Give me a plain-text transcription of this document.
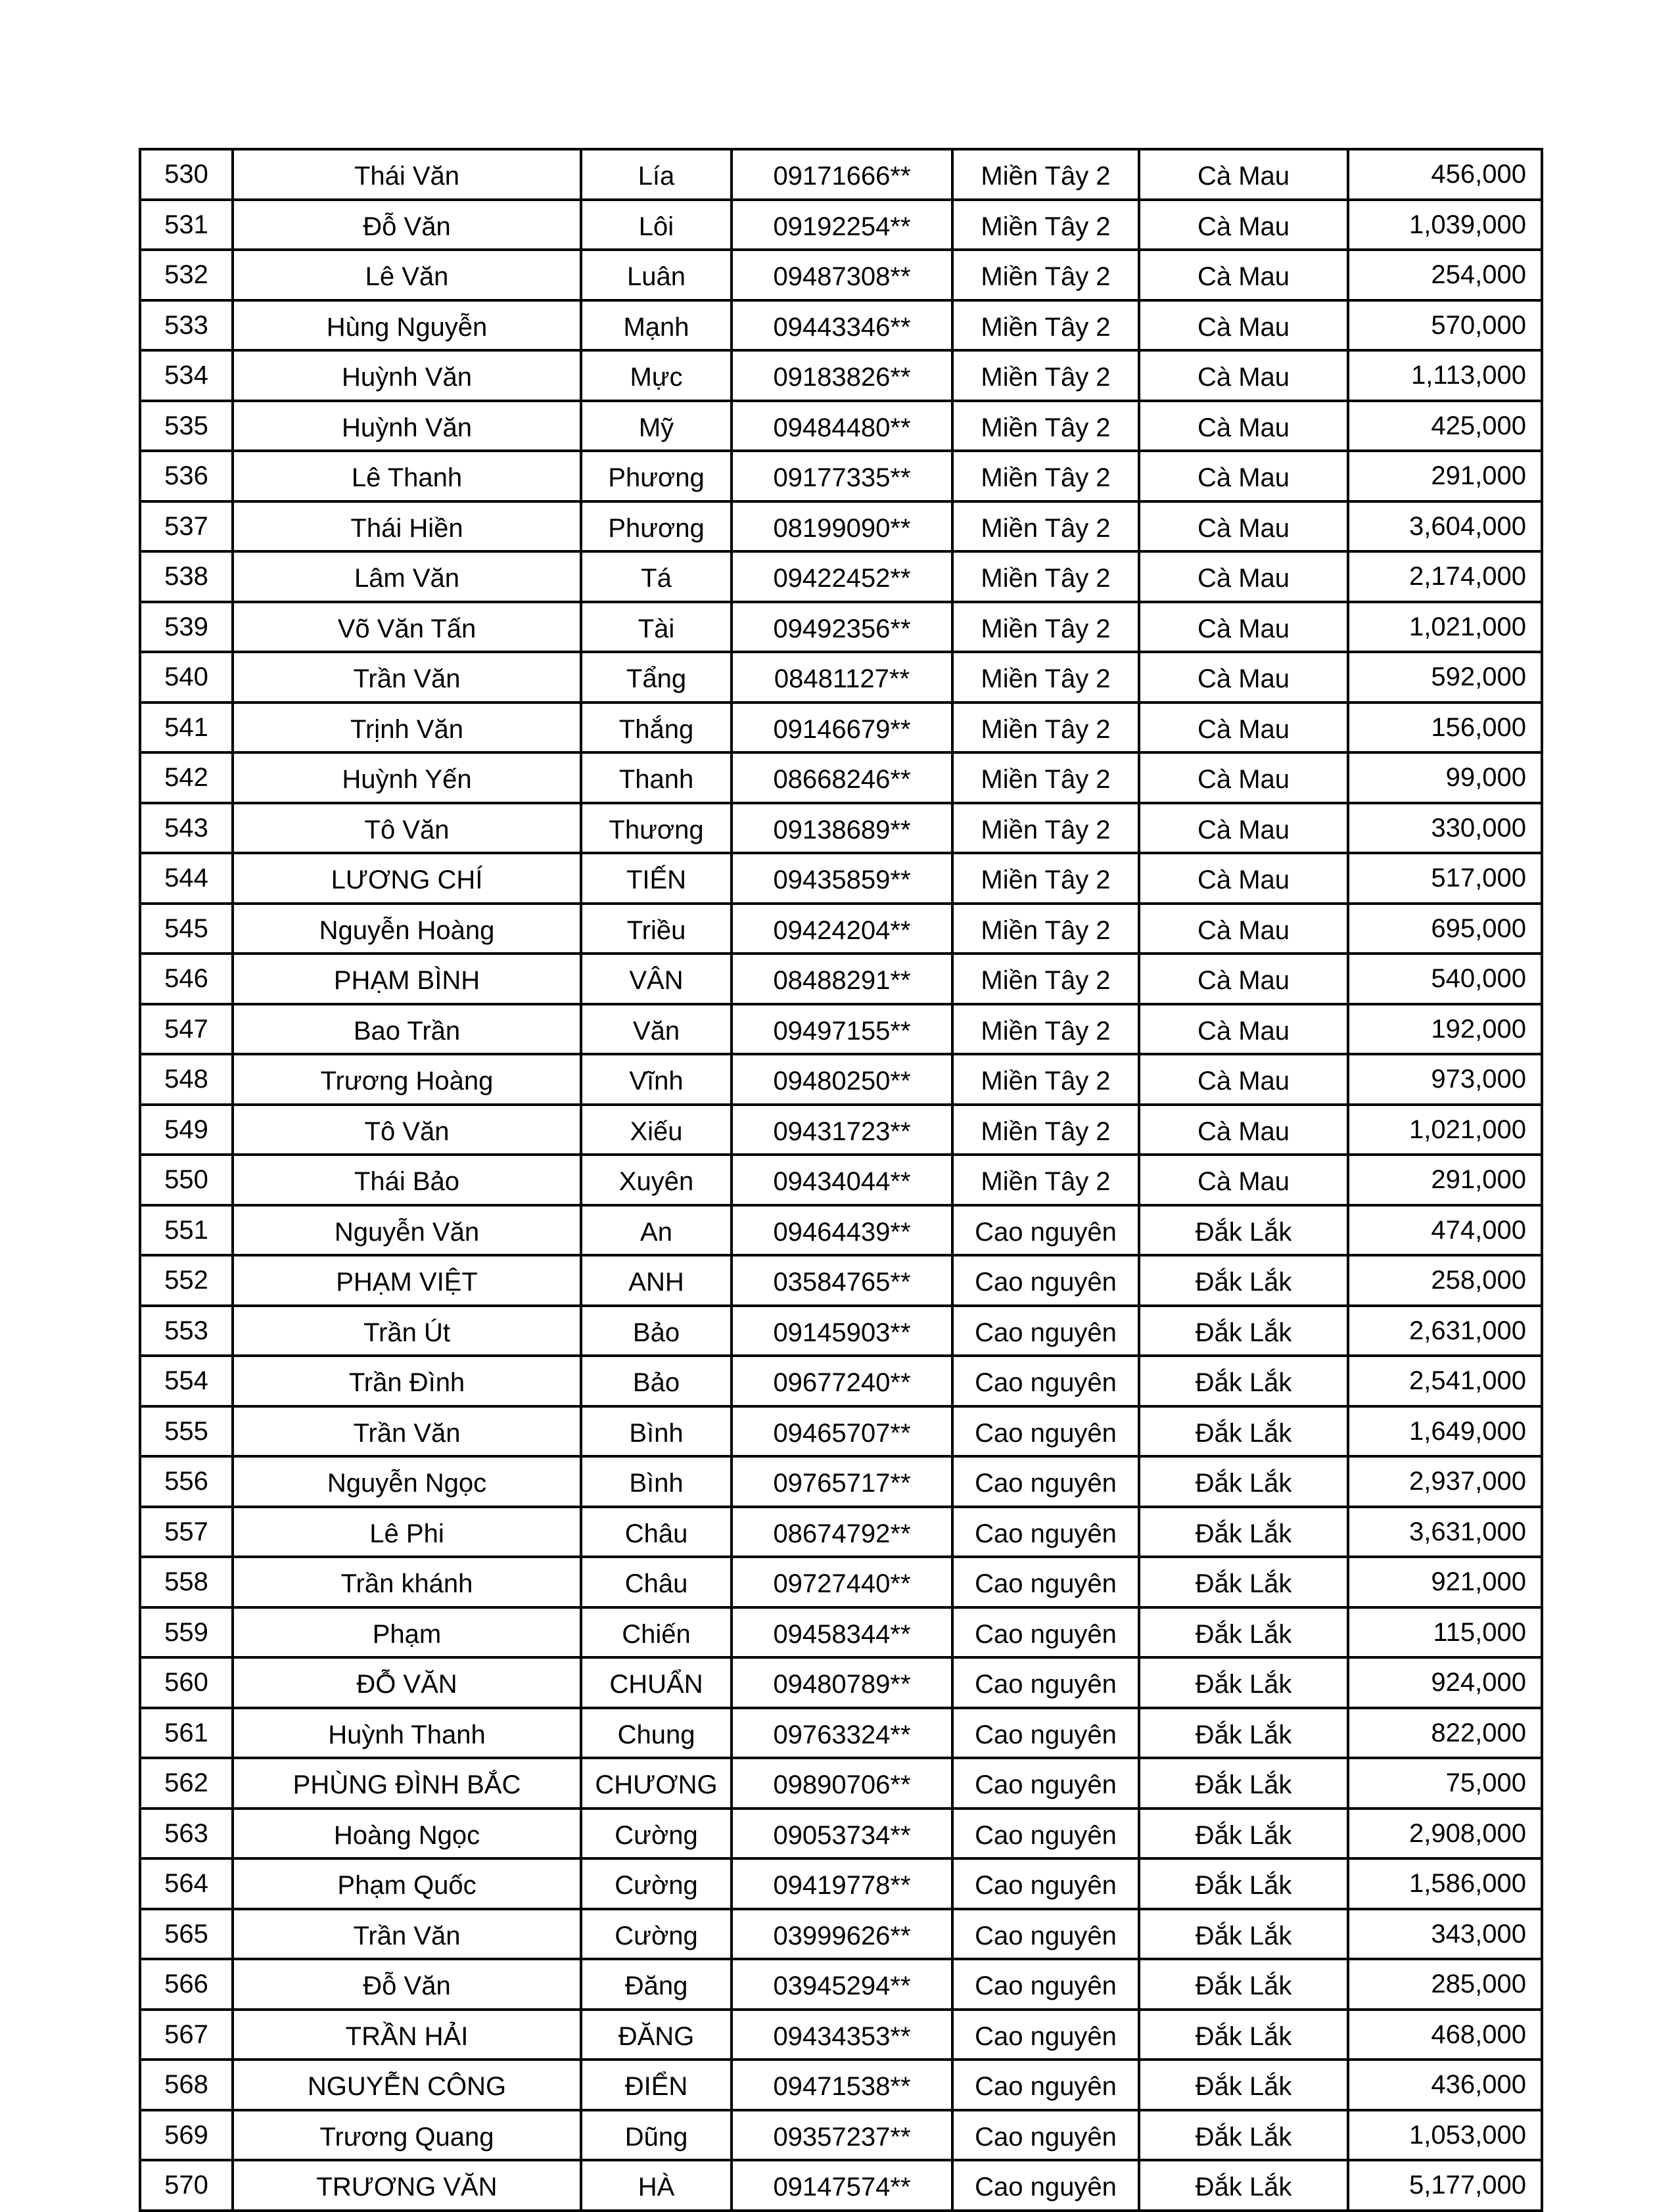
530	Thái Văn	Lía	09171666**	Miền Tây 2	Cà Mau	456,000
531	Đỗ Văn	Lôi	09192254**	Miền Tây 2	Cà Mau	1,039,000
532	Lê Văn	Luân	09487308**	Miền Tây 2	Cà Mau	254,000
533	Hùng Nguyễn	Mạnh	09443346**	Miền Tây 2	Cà Mau	570,000
534	Huỳnh Văn	Mực	09183826**	Miền Tây 2	Cà Mau	1,113,000
535	Huỳnh Văn	Mỹ	09484480**	Miền Tây 2	Cà Mau	425,000
536	Lê Thanh	Phương	09177335**	Miền Tây 2	Cà Mau	291,000
537	Thái Hiền	Phương	08199090**	Miền Tây 2	Cà Mau	3,604,000
538	Lâm Văn	Tá	09422452**	Miền Tây 2	Cà Mau	2,174,000
539	Võ Văn Tấn	Tài	09492356**	Miền Tây 2	Cà Mau	1,021,000
540	Trần Văn	Tẩng	08481127**	Miền Tây 2	Cà Mau	592,000
541	Trịnh Văn	Thắng	09146679**	Miền Tây 2	Cà Mau	156,000
542	Huỳnh Yến	Thanh	08668246**	Miền Tây 2	Cà Mau	99,000
543	Tô Văn	Thương	09138689**	Miền Tây 2	Cà Mau	330,000
544	LƯƠNG CHÍ	TIẾN	09435859**	Miền Tây 2	Cà Mau	517,000
545	Nguyễn Hoàng	Triều	09424204**	Miền Tây 2	Cà Mau	695,000
546	PHẠM BÌNH	VÂN	08488291**	Miền Tây 2	Cà Mau	540,000
547	Bao Trần	Văn	09497155**	Miền Tây 2	Cà Mau	192,000
548	Trương Hoàng	Vĩnh	09480250**	Miền Tây 2	Cà Mau	973,000
549	Tô Văn	Xiếu	09431723**	Miền Tây 2	Cà Mau	1,021,000
550	Thái Bảo	Xuyên	09434044**	Miền Tây 2	Cà Mau	291,000
551	Nguyễn Văn	An	09464439**	Cao nguyên	Đắk Lắk	474,000
552	PHẠM VIỆT	ANH	03584765**	Cao nguyên	Đắk Lắk	258,000
553	Trần Út	Bảo	09145903**	Cao nguyên	Đắk Lắk	2,631,000
554	Trần Đình	Bảo	09677240**	Cao nguyên	Đắk Lắk	2,541,000
555	Trần Văn	Bình	09465707**	Cao nguyên	Đắk Lắk	1,649,000
556	Nguyễn Ngọc	Bình	09765717**	Cao nguyên	Đắk Lắk	2,937,000
557	Lê Phi	Châu	08674792**	Cao nguyên	Đắk Lắk	3,631,000
558	Trần khánh	Châu	09727440**	Cao nguyên	Đắk Lắk	921,000
559	Phạm	Chiến	09458344**	Cao nguyên	Đắk Lắk	115,000
560	ĐỖ VĂN	CHUẨN	09480789**	Cao nguyên	Đắk Lắk	924,000
561	Huỳnh Thanh	Chung	09763324**	Cao nguyên	Đắk Lắk	822,000
562	PHÙNG ĐÌNH BẮC	CHƯƠNG	09890706**	Cao nguyên	Đắk Lắk	75,000
563	Hoàng Ngọc	Cường	09053734**	Cao nguyên	Đắk Lắk	2,908,000
564	Phạm Quốc	Cường	09419778**	Cao nguyên	Đắk Lắk	1,586,000
565	Trần Văn	Cường	03999626**	Cao nguyên	Đắk Lắk	343,000
566	Đỗ Văn	Đăng	03945294**	Cao nguyên	Đắk Lắk	285,000
567	TRẦN HẢI	ĐĂNG	09434353**	Cao nguyên	Đắk Lắk	468,000
568	NGUYỄN CÔNG	ĐIỂN	09471538**	Cao nguyên	Đắk Lắk	436,000
569	Trương Quang	Dũng	09357237**	Cao nguyên	Đắk Lắk	1,053,000
570	TRƯƠNG VĂN	HÀ	09147574**	Cao nguyên	Đắk Lắk	5,177,000
